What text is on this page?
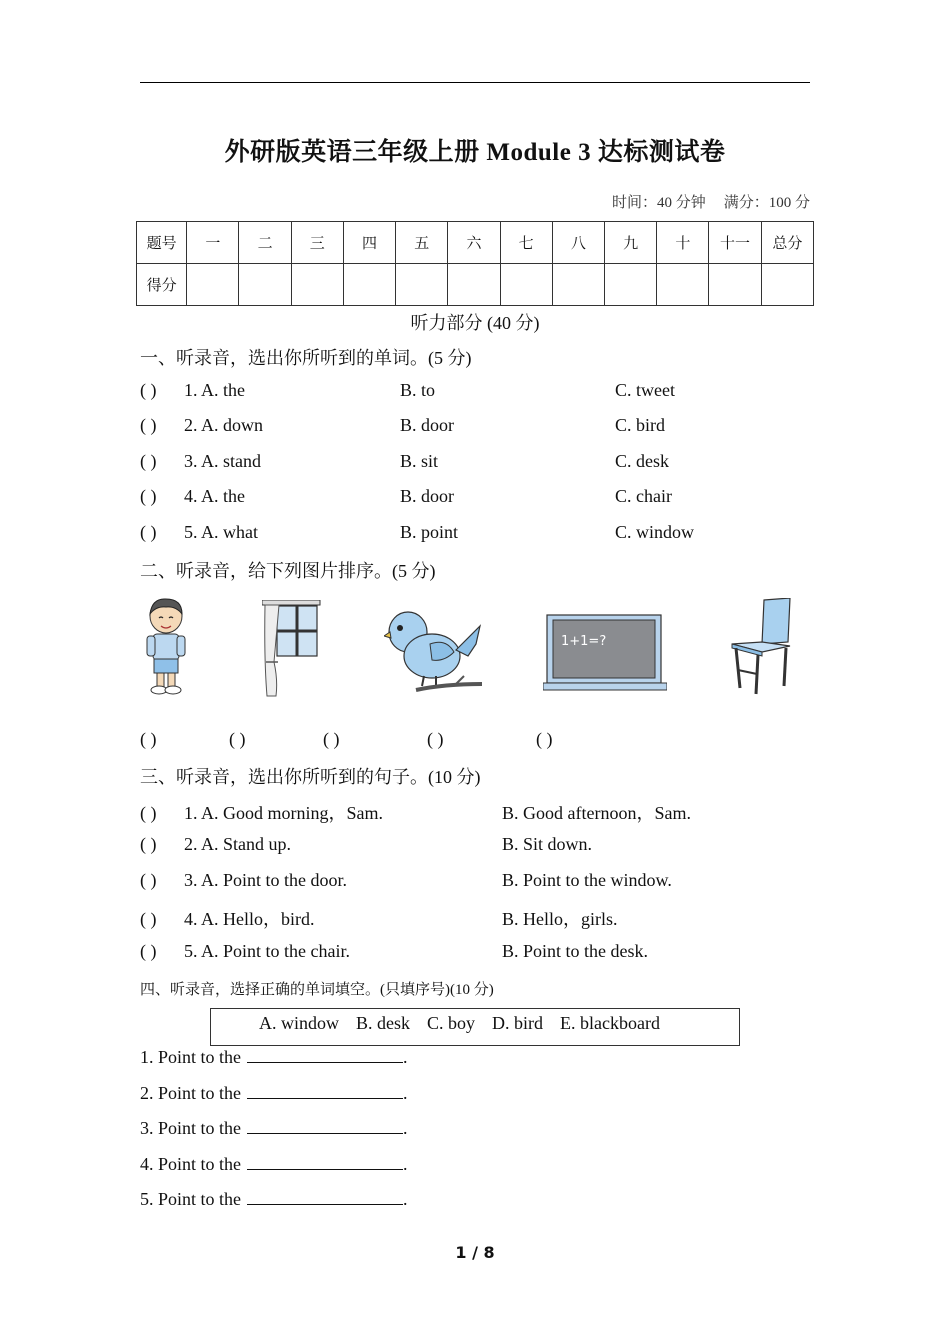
外研版英语三年级上册 Module 3 达标测试卷
时间：40 分钟 满分：100 分
题号	一	二	三	四	五	六	七	八	九	十	十一	总分
得分												
听力部分 (40 分)
一、听录音，选出你所听到的单词。(5 分)
( ) 1. A. the	B. to	C. tweet
( ) 2. A. down	B. door	C. bird
( ) 3. A. stand	B. sit	C. desk
( ) 4. A. the	B. door	C. chair
( ) 5. A. what	B. point	C. window
二、听录音，给下列图片排序。(5 分)
1+1=?
( )	( )	( )	( )	( )
三、听录音，选出你所听到的句子。(10 分)
( ) 1. A. Good morning，Sam.	B. Good afternoon，Sam.
( ) 2. A. Stand up.	B. Sit down.
( ) 3. A. Point to the door.	B. Point to the window.
( ) 4. A. Hello，bird.	B. Hello，girls.
( ) 5. A. Point to the chair.	B. Point to the desk.
四、听录音，选择正确的单词填空。(只填序号)(10 分)
A. window B. desk C. boy D. bird E. blackboard
1. Point to the	.
2. Point to the	.
3. Point to the	.
4. Point to the	.
5. Point to the	.
1 / 8
